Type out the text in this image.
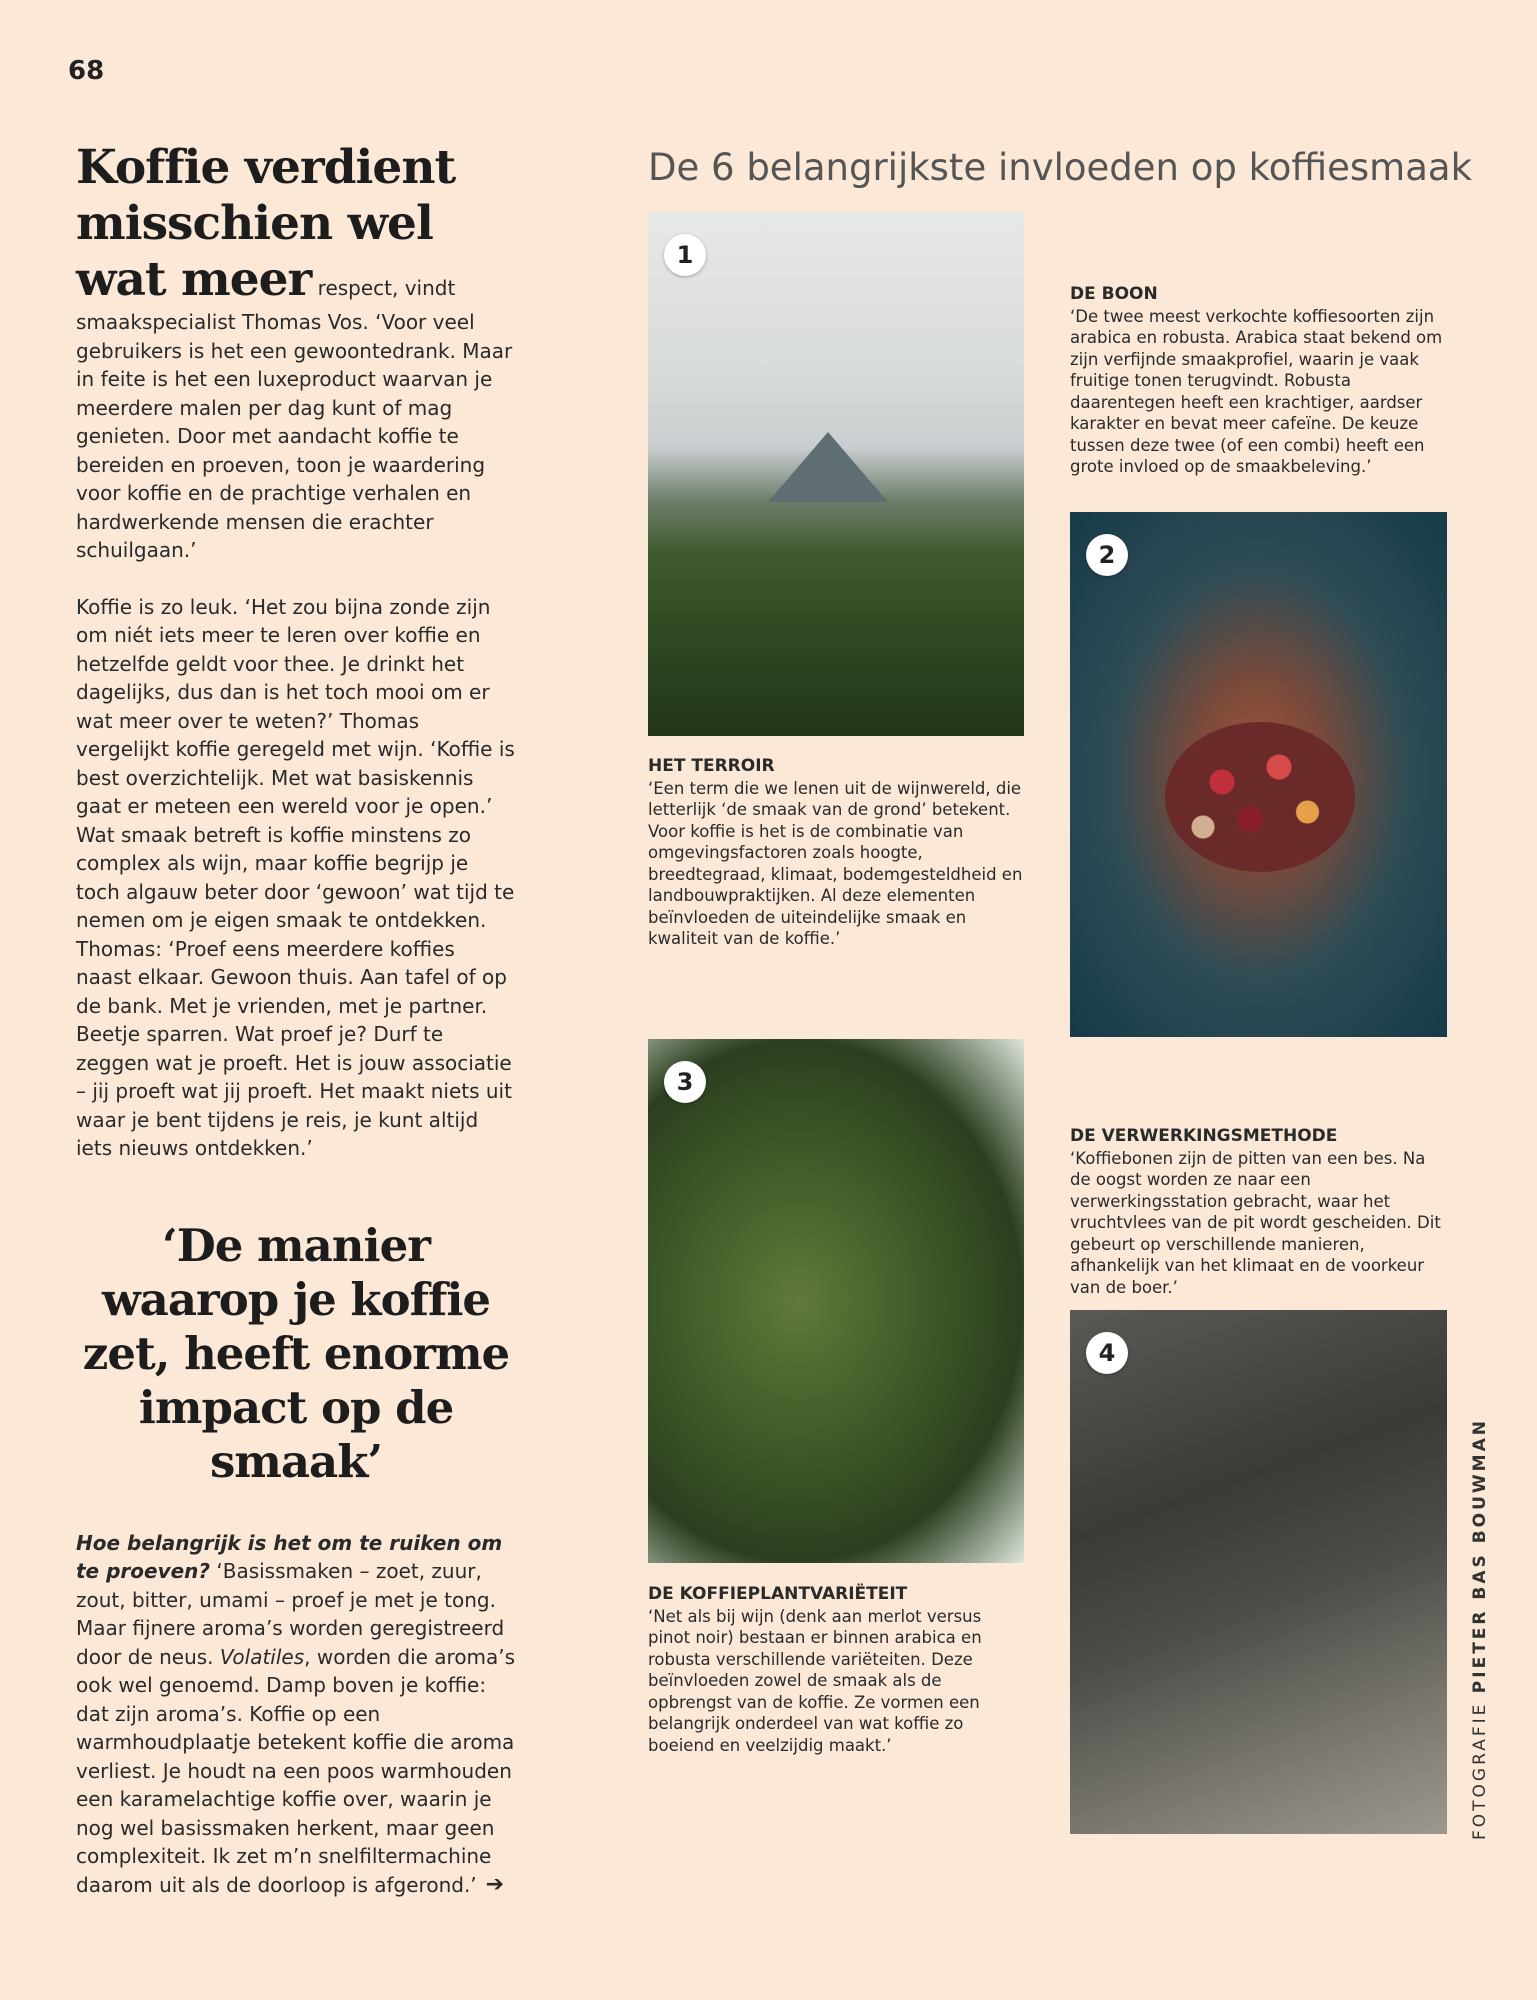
68
Koffie verdient
misschien wel

wat meer respect, vindt smaakspecialist Thomas Vos. ‘Voor veel gebruikers is het een gewoontedrank. Maar in feite is het een luxeproduct waarvan je meerdere malen per dag kunt of mag genieten. Door met aandacht koffie te bereiden en proeven, toon je waardering voor koffie en de prachtige verhalen en hardwerkende mensen die erachter schuilgaan.’

Koffie is zo leuk. ‘Het zou bijna zonde zijn om niét iets meer te leren over koffie en hetzelfde geldt voor thee. Je drinkt het dagelijks, dus dan is het toch mooi om er wat meer over te weten?’ Thomas vergelijkt koffie geregeld met wijn. ‘Koffie is best overzichtelijk. Met wat basiskennis gaat er meteen een wereld voor je open.’ Wat smaak betreft is koffie minstens zo complex als wijn, maar koffie begrijp je toch algauw beter door ‘gewoon’ wat tijd te nemen om je eigen smaak te ontdekken. Thomas: ‘Proef eens meerdere koffies naast elkaar. Gewoon thuis. Aan tafel of op de bank. Met je vrienden, met je partner. Beetje sparren. Wat proef je? Durf te zeggen wat je proeft. Het is jouw associatie – jij proeft wat jij proeft. Het maakt niets uit waar je bent tijdens je reis, je kunt altijd iets nieuws ontdekken.’

‘De manier waarop je koffie zet, heeft enorme impact op de smaak’

Hoe belangrijk is het om te ruiken om te proeven? ‘Basissmaken – zoet, zuur, zout, bitter, umami – proef je met je tong. Maar fijnere aroma’s worden geregistreerd door de neus. Volatiles, worden die aroma’s ook wel genoemd. Damp boven je koffie: dat zijn aroma’s. Koffie op een warmhoudplaatje betekent koffie die aroma verliest. Je houdt na een poos warmhouden een karamelachtige koffie over, waarin je nog wel basissmaken herkent, maar geen complexiteit. Ik zet m’n snelfiltermachine daarom uit als de doorloop is afgerond.’ ➔

De 6 belangrijkste invloeden op koffiesmaak
1
HET TERROIR
‘Een term die we lenen uit de wijnwereld, die letterlijk ‘de smaak van de grond’ betekent. Voor koffie is het is de combinatie van omgevingsfactoren zoals hoogte, breedtegraad, klimaat, bodemgesteldheid en landbouwpraktijken. Al deze elementen beïnvloeden de uiteindelijke smaak en kwaliteit van de koffie.’
DE BOON
‘De twee meest verkochte koffiesoorten zijn arabica en robusta. Arabica staat bekend om zijn verfijnde smaakprofiel, waarin je vaak fruitige tonen terugvindt. Robusta daarentegen heeft een krachtiger, aardser karakter en bevat meer cafeïne. De keuze tussen deze twee (of een combi) heeft een grote invloed op de smaakbeleving.’
2
3
DE KOFFIEPLANTVARIËTEIT
‘Net als bij wijn (denk aan merlot versus pinot noir) bestaan er binnen arabica en robusta verschillende variëteiten. Deze beïnvloeden zowel de smaak als de opbrengst van de koffie. Ze vormen een belangrijk onderdeel van wat koffie zo boeiend en veelzijdig maakt.’
DE VERWERKINGSMETHODE
‘Koffiebonen zijn de pitten van een bes. Na de oogst worden ze naar een verwerkingsstation gebracht, waar het vruchtvlees van de pit wordt gescheiden. Dit gebeurt op verschillende manieren, afhankelijk van het klimaat en de voorkeur van de boer.’
4
FOTOGRAFIE PIETER BAS BOUWMAN
